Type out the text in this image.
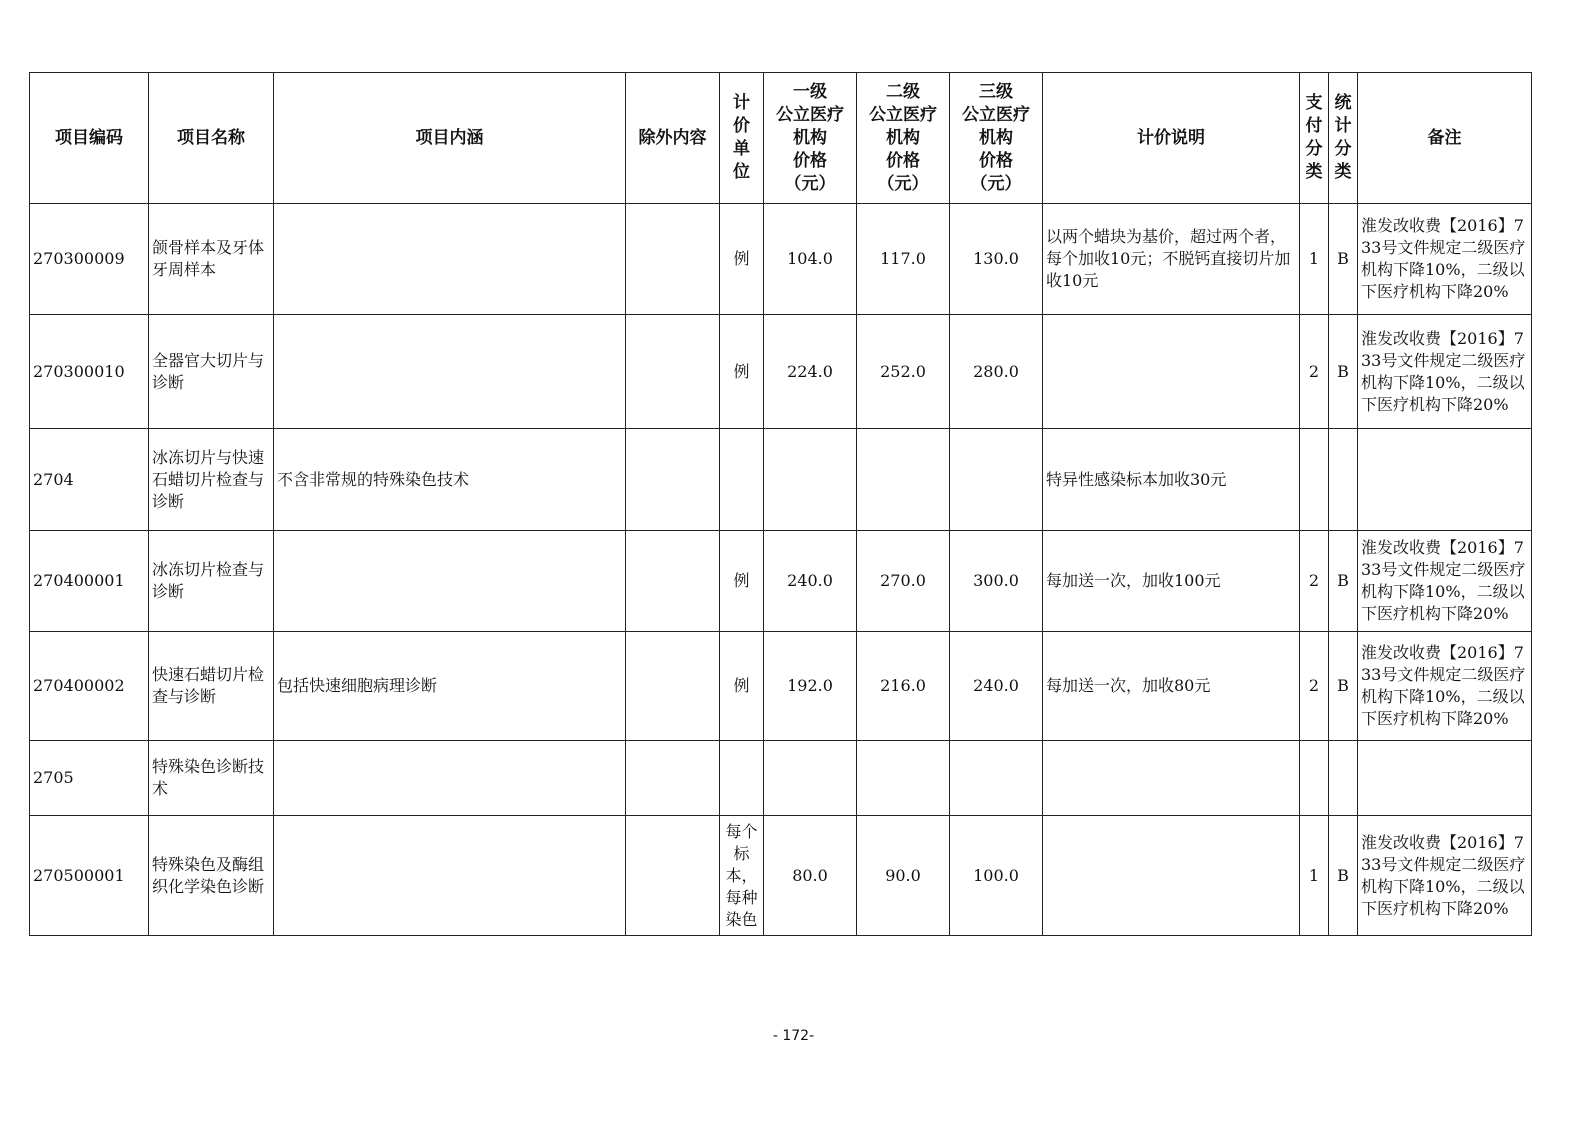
项目编码	项目名称	项目内涵	除外内容	计
价
单
位	一级
公立医疗
机构
价格
（元）	二级
公立医疗
机构
价格
（元）	三级
公立医疗
机构
价格
（元）	计价说明	支
付
分
类	统
计
分
类	备注
270300009	颌骨样本及牙体牙周样本			例	104.0	117.0	130.0	以两个蜡块为基价，超过两个者，每个加收10元；不脱钙直接切片加收10元	1	B	淮发改收费【2016】733号文件规定二级医疗机构下降10%，二级以下医疗机构下降20%
270300010	全器官大切片与诊断			例	224.0	252.0	280.0		2	B	淮发改收费【2016】733号文件规定二级医疗机构下降10%，二级以下医疗机构下降20%
2704	冰冻切片与快速石蜡切片检查与诊断	不含非常规的特殊染色技术						特异性感染标本加收30元			
270400001	冰冻切片检查与诊断			例	240.0	270.0	300.0	每加送一次，加收100元	2	B	淮发改收费【2016】733号文件规定二级医疗机构下降10%，二级以下医疗机构下降20%
270400002	快速石蜡切片检查与诊断	包括快速细胞病理诊断		例	192.0	216.0	240.0	每加送一次，加收80元	2	B	淮发改收费【2016】733号文件规定二级医疗机构下降10%，二级以下医疗机构下降20%
2705	特殊染色诊断技术										
270500001	特殊染色及酶组织化学染色诊断			每个标本，每种染色	80.0	90.0	100.0		1	B	淮发改收费【2016】733号文件规定二级医疗机构下降10%，二级以下医疗机构下降20%
- 172-
